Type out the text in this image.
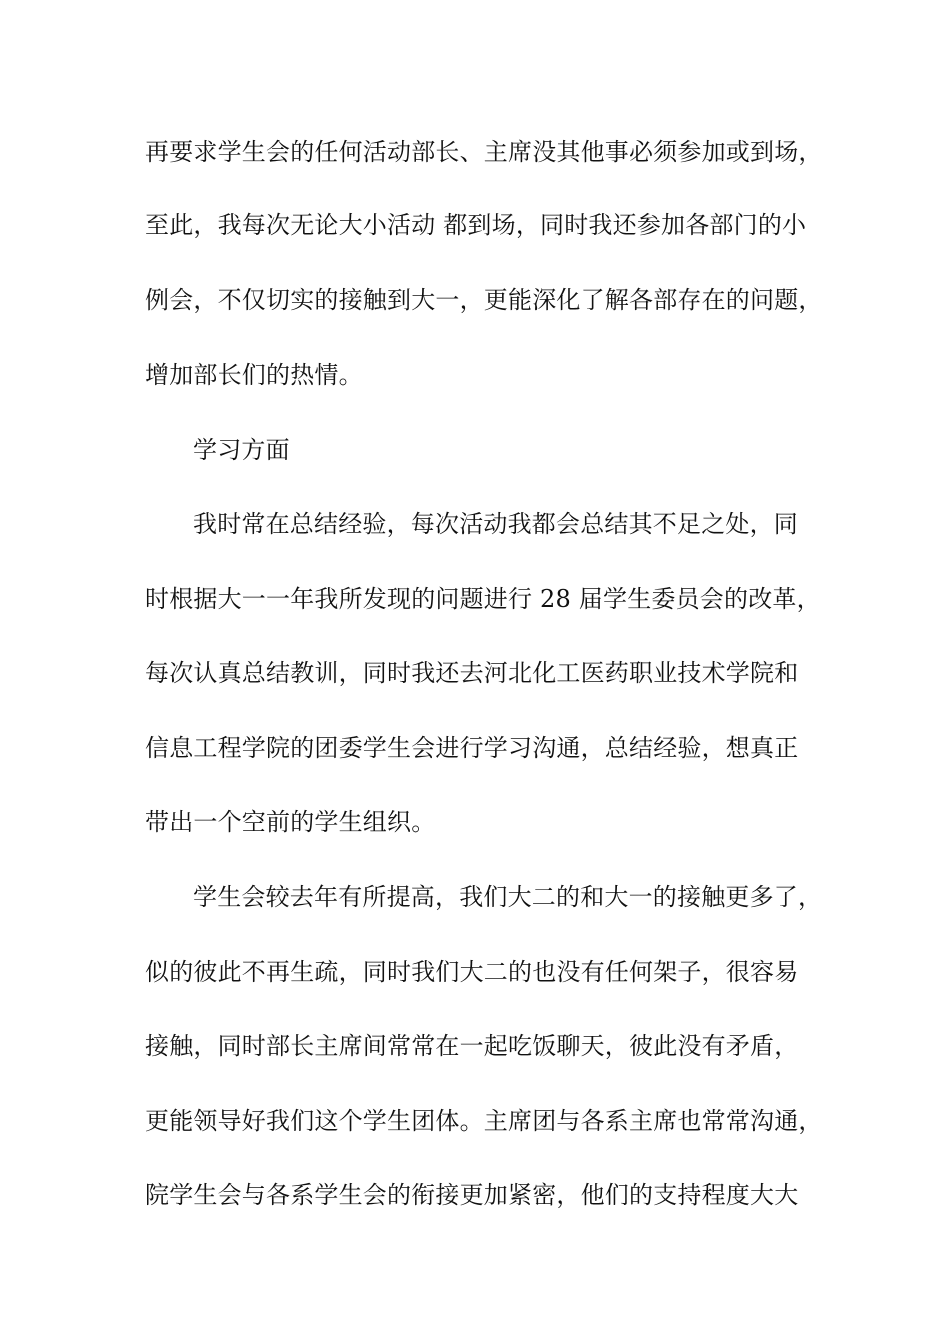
再要求学生会的任何活动部长、主席没其他事必须参加或到场，
至此，我每次无论大小活动 都到场，同时我还参加各部门的小
例会，不仅切实的接触到大一，更能深化了解各部存在的问题，
增加部长们的热情。
学习方面
我时常在总结经验，每次活动我都会总结其不足之处，同
时根据大一一年我所发现的问题进行 28 届学生委员会的改革，
每次认真总结教训，同时我还去河北化工医药职业技术学院和
信息工程学院的团委学生会进行学习沟通，总结经验，想真正
带出一个空前的学生组织。
学生会较去年有所提高，我们大二的和大一的接触更多了，
似的彼此不再生疏，同时我们大二的也没有任何架子，很容易
接触，同时部长主席间常常在一起吃饭聊天，彼此没有矛盾，
更能领导好我们这个学生团体。主席团与各系主席也常常沟通，
院学生会与各系学生会的衔接更加紧密，他们的支持程度大大
